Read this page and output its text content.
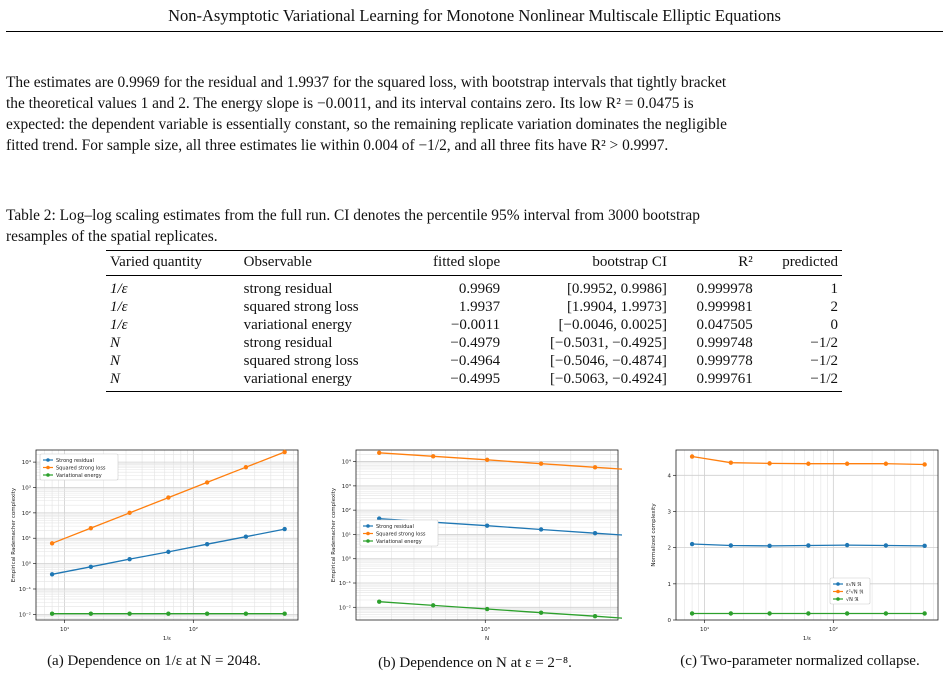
Non-Asymptotic Variational Learning for Monotone Nonlinear Multiscale Elliptic Equations
The estimates are 0.9969 for the residual and 1.9937 for the squared loss, with bootstrap intervals that tightly bracket
the theoretical values 1 and 2. The energy slope is −0.0011, and its interval contains zero. Its low R² = 0.0475 is
expected: the dependent variable is essentially constant, so the remaining replicate variation dominates the negligible
fitted trend. For sample size, all three estimates lie within 0.004 of −1/2, and all three fits have R² > 0.9997.
Table 2: Log–log scaling estimates from the full run. CI denotes the percentile 95% interval from 3000 bootstrap
resamples of the spatial replicates.
Varied quantity	Observable	fitted slope	bootstrap CI	R²	predicted
1/ε	strong residual	0.9969	[0.9952, 0.9986]	0.999978	1
1/ε	squared strong loss	1.9937	[1.9904, 1.9973]	0.999981	2
1/ε	variational energy	−0.0011	[−0.0046, 0.0025]	0.047505	0
N	strong residual	−0.4979	[−0.5031, −0.4925]	0.999748	−1/2
N	squared strong loss	−0.4964	[−0.5046, −0.4874]	0.999778	−1/2
N	variational energy	−0.4995	[−0.5063, −0.4924]	0.999761	−1/2
10¹	10²
10⁻²
10⁻¹
10⁰
10¹
10²
10³
10⁴
1/ε
Empirical Rademacher complexity
Strong residual
Squared strong loss
Variational energy
10³
10⁻²
10⁻¹
10⁰
10¹
10²
10³
10⁴
N
Empirical Rademacher complexity	Strong residual
Squared strong loss
Variational energy
10¹	10²
0
1
2
3
4
1/ε
Normalized complexity
ε√N ℜ
ε²√N ℜ
√N ℜ
(a) Dependence on 1/ε at N = 2048.	(b) Dependence on N at ε = 2⁻⁸.	(c) Two-parameter normalized collapse.
